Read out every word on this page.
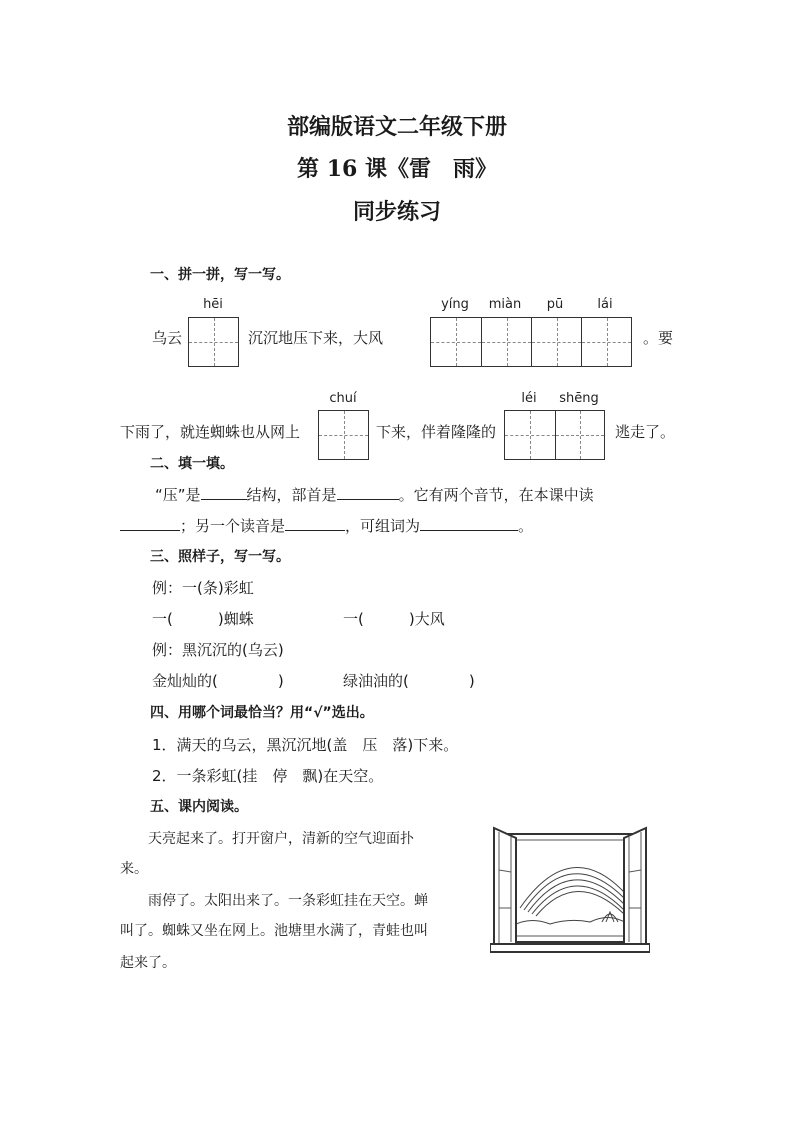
部编版语文二年级下册
第 16 课《雷　雨》
同步练习
一、拼一拼，写一写。
hēi
乌云	沉沉地压下来，大风
yíng	miàn	pū	lái
。要
下雨了，就连蜘蛛也从网上
chuí
下来，伴着隆隆的
léi	shēng
逃走了。
二、填一填。
“压”是	结构，部首是	。它有两个音节，在本课中读
；另一个读音是	，可组词为	。
三、照样子，写一写。
例：一(条)彩虹
一(　　　)蜘蛛	一(　　　)大风
例：黑沉沉的(乌云)
金灿灿的(　　　　)	绿油油的(　　　　)
四、用哪个词最恰当？用“√”选出。
1．满天的乌云，黑沉沉地(盖　压　落)下来。
2．一条彩虹(挂　停　飘)在天空。
五、课内阅读。
天亮起来了。打开窗户，清新的空气迎面扑
来。
雨停了。太阳出来了。一条彩虹挂在天空。蝉
叫了。蜘蛛又坐在网上。池塘里水满了，青蛙也叫
起来了。
